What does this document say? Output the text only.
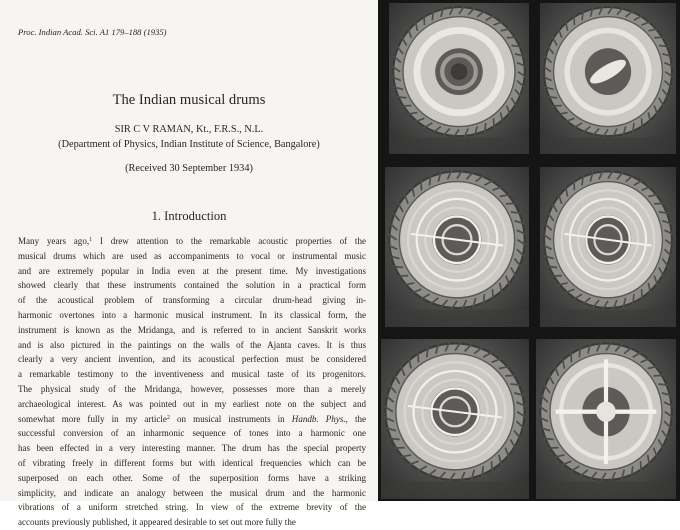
Proc. Indian Acad. Sci. A1 179–188 (1935)
The Indian musical drums
SIR C V RAMAN, Kt., F.R.S., N.L.
(Department of Physics, Indian Institute of Science, Bangalore)
(Received 30 September 1934)
1. Introduction
Many years ago,$^1$ I drew attention to the remarkable acoustic properties of the
musical drums which are used as accompaniments to vocal or instrumental music
and are extremely popular in India even at the present time. My investigations
showed clearly that these instruments contained the solution in a practical form
of the acoustical problem of transforming a circular drum-head giving in-
harmonic overtones into a harmonic musical instrument. In its classical form, the
instrument is known as the Mridanga, and is referred to in ancient Sanskrit works
and is also pictured in the paintings on the walls of the Ajanta caves. It is thus
clearly a very ancient invention, and its acoustical perfection must be considered
a remarkable testimony to the inventiveness and musical taste of its progenitors.
The physical study of the Mridanga, however, possesses more than a merely
archaeological interest. As was pointed out in my earliest note on the subject and
somewhat more fully in my article$^2$ on musical instruments in Handb. Phys., the
successful conversion of an inharmonic sequence of tones into a harmonic one
has been effected in a very interesting manner. The drum has the special property
of vibrating freely in different forms but with identical frequencies which can be
superposed on each other. Some of the superposition forms have a striking
simplicity, and indicate an analogy between the musical drum and the harmonic
vibrations of a uniform stretched string. In view of the extreme brevity of the
accounts previously published, it appeared desirable to set out more fully the
